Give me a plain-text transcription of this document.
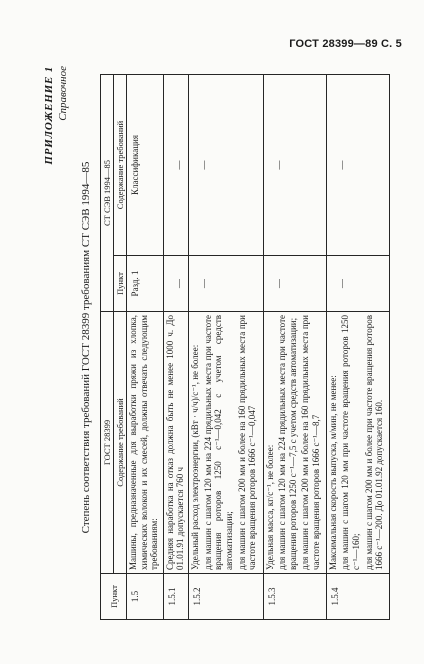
ГОСТ 28399—89 С. 5
ПРИЛОЖЕНИЕ 1 Справочное
Степень соответствия требований ГОСТ 28399 требованиям СТ СЭВ 1994—85
Пункт	ГОСТ 28399	СТ СЭВ 1994—85	
	Содержание требований	Пункт	Содержание требований
1.5	Машины, предназначенные для выработки пряжи из хлопка, химических волокон и их смесей, должны отвечать следующим требованиям:	Разд. 1	Классификация
1.5.1	Средняя наработка на отказ должна быть не менее 1000 ч. До 01.01.91 допускается 760 ч	—	—
1.5.2	Удельный расход электроэнергии, (кВт · ч/ч)/с⁻¹, не более: для машин с шагом 120 мм на 224 прядильных места при частоте вращения роторов 1250 с⁻¹—0,042 с учетом средств автоматизации; для машин с шагом 200 мм и более на 160 прядильных места при частоте вращения роторов 1666 с⁻¹—0,047	—	—
1.5.3	Удельная масса, кг/с⁻¹, не более: для машин с шагом 120 мм на 224 прядильных места при частоте вращения роторов 1250 с⁻¹—7,5 с учетом средств автоматизации; для машин с шагом 200 мм и более на 160 прядильных места при частоте вращения роторов 1666 с⁻¹—8,7	—	—
1.5.4	Максимальная скорость выпуска, м/мин, не менее: для машин с шагом 120 мм при частоте вращения роторов 1250 с⁻¹—160; для машин с шагом 200 мм и более при частоте вращения роторов 1666 с⁻¹—200. До 01.01.92 допускается 160.	—	—
